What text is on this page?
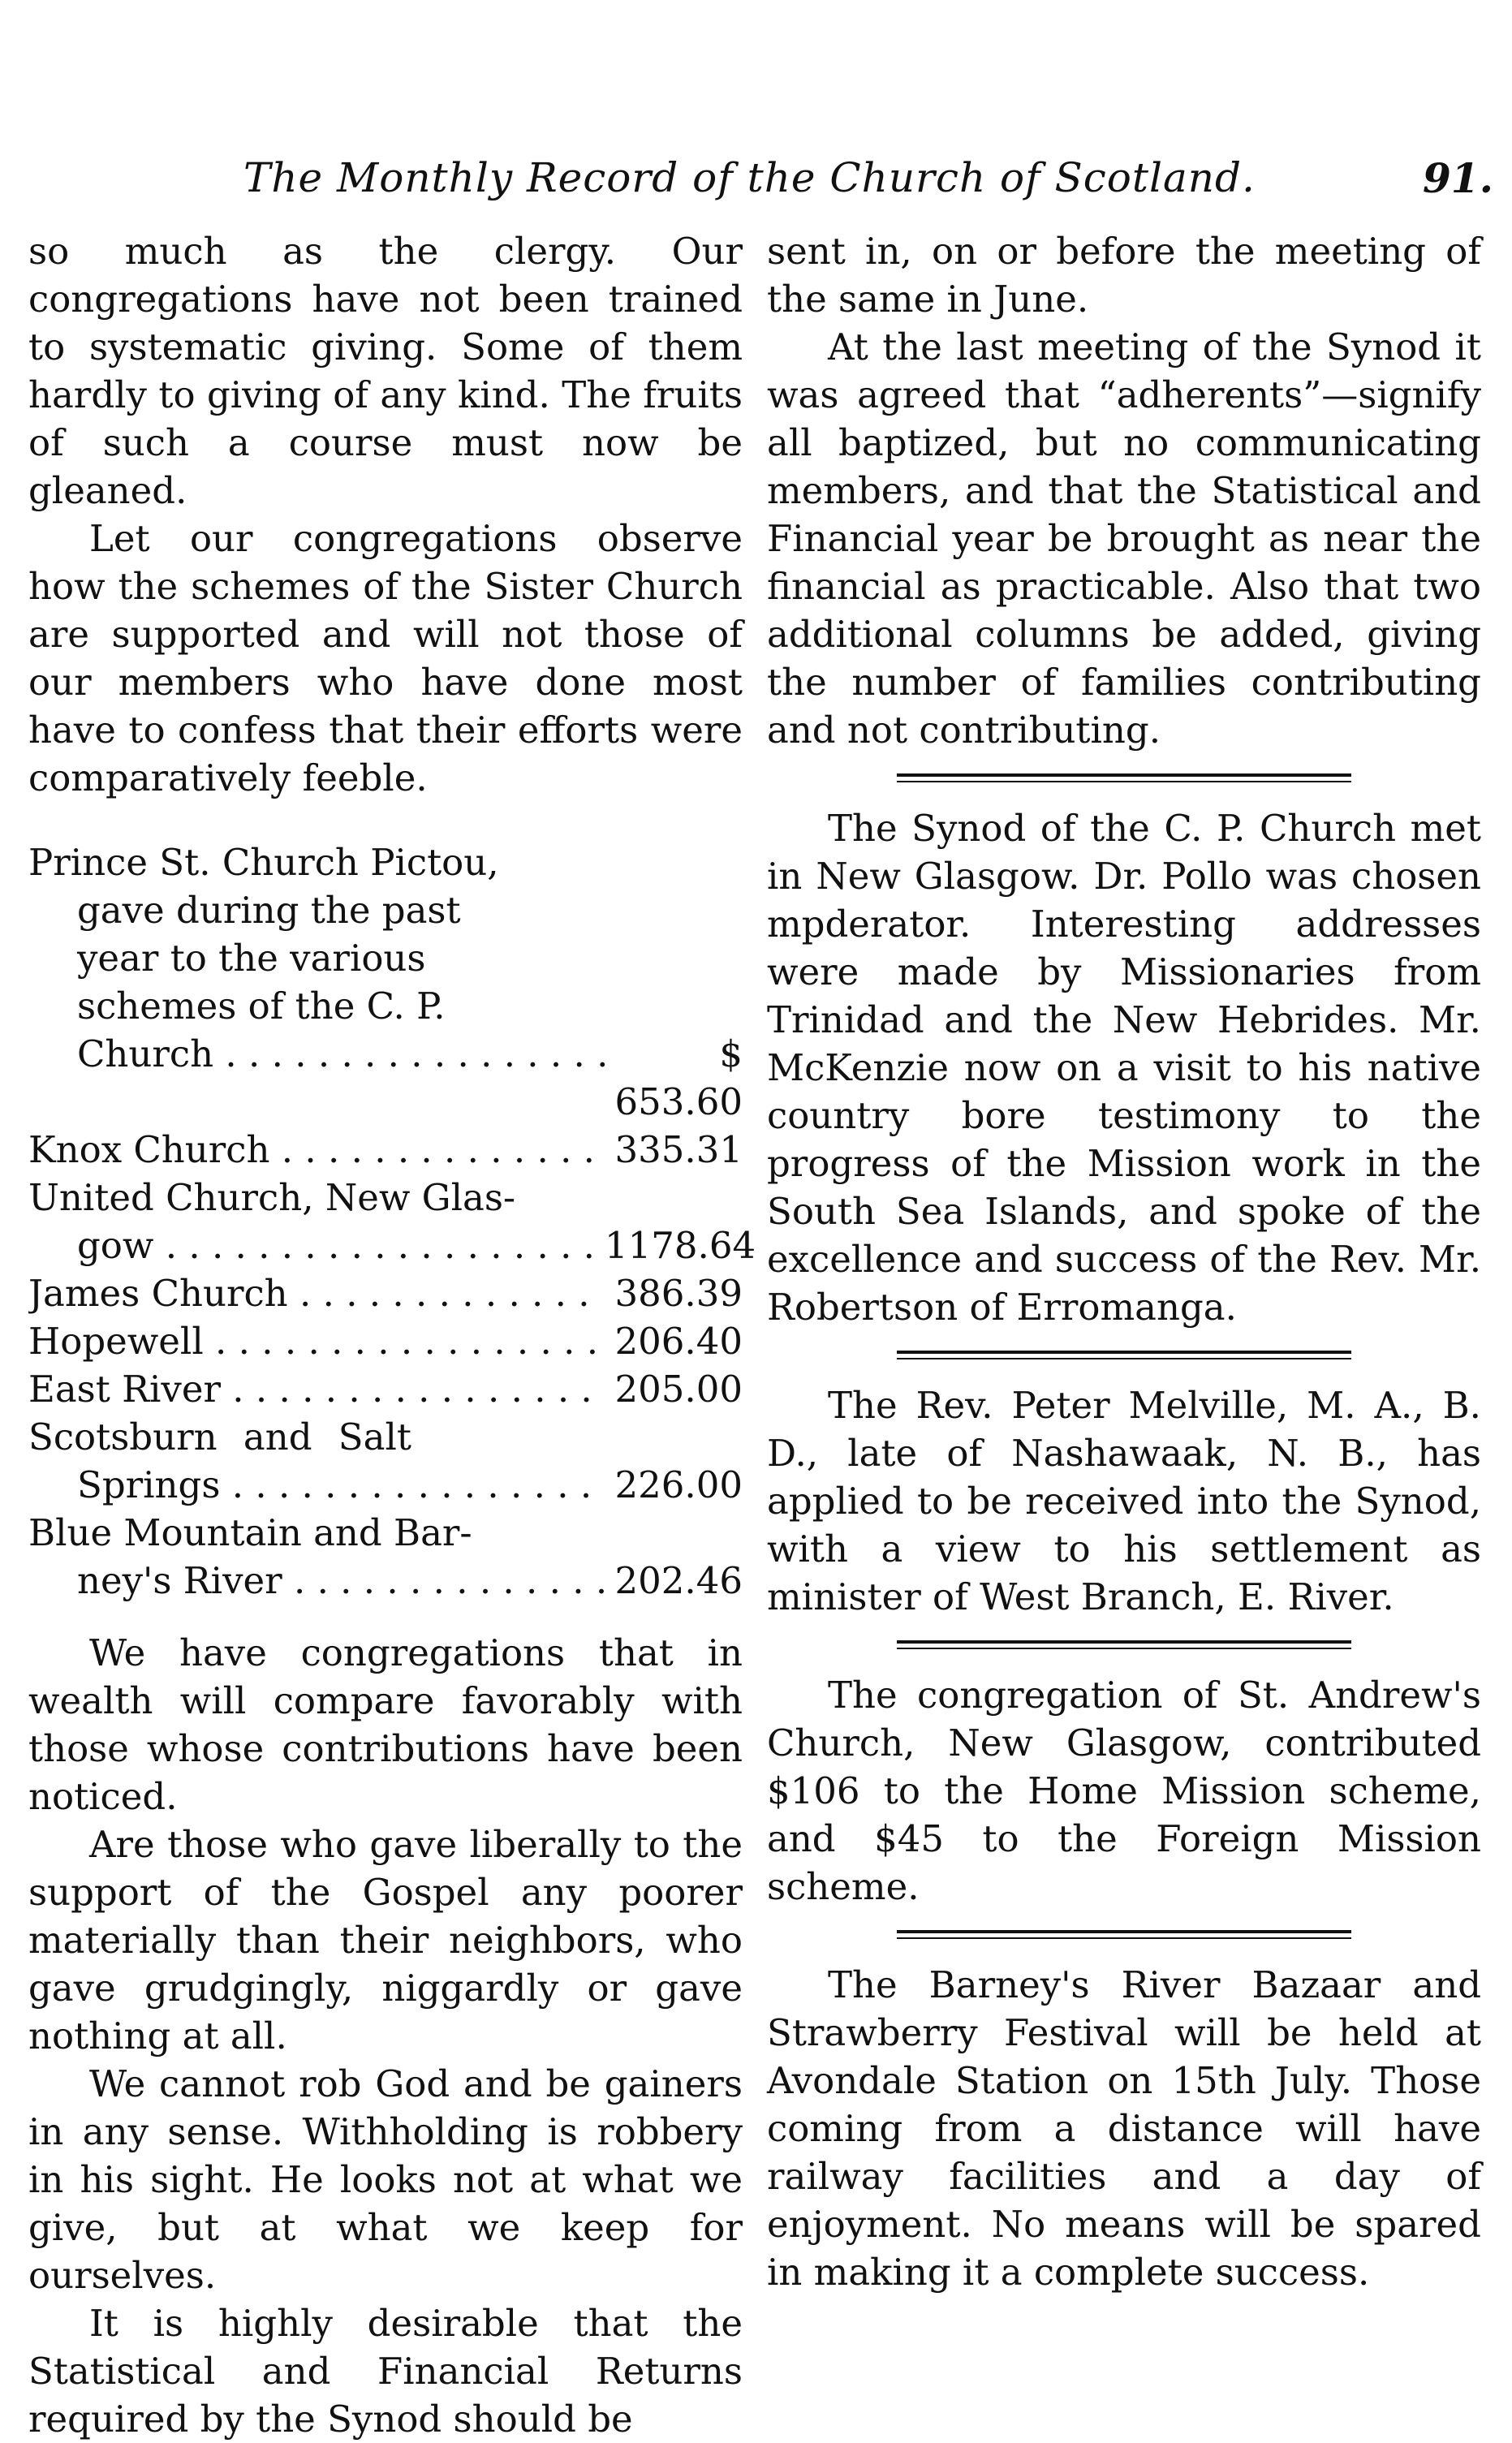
The Monthly Record of the Church of Scotland.	91.

so much as the clergy. Our congregations have not been trained to systematic giving. Some of them hardly to giving of any kind. The fruits of such a course must now be gleaned.

Let our congregations observe how the schemes of the Sister Church are supported and will not those of our members who have done most have to confess that their efforts were comparatively feeble.

Prince St. Church Pictou,
gave during the past
year to the various
schemes of the C. P.
Church . . .	$ 653.60
Knox Church . . .	335.31
United Church, New Glas-
gow . . .	1178.64
James Church . . .	386.39
Hopewell . . .	206.40
East River . . .	205.00
Scotsburn and Salt
Springs . . .	226.00
Blue Mountain and Bar-
ney's River . . .	202.46

We have congregations that in wealth will compare favorably with those whose contributions have been noticed.

Are those who gave liberally to the support of the Gospel any poorer materially than their neighbors, who gave grudgingly, niggardly or gave nothing at all.

We cannot rob God and be gainers in any sense. Withholding is robbery in his sight. He looks not at what we give, but at what we keep for ourselves.

It is highly desirable that the Statistical and Financial Returns required by the Synod should be

sent in, on or before the meeting of the same in June.

At the last meeting of the Synod it was agreed that “adherents”—signify all baptized, but no communicating members, and that the Statistical and Financial year be brought as near the financial as practicable. Also that two additional columns be added, giving the number of families contributing and not contributing.

The Synod of the C. P. Church met in New Glasgow. Dr. Pollo was chosen mpderator. Interesting addresses were made by Missionaries from Trinidad and the New Hebrides. Mr. McKenzie now on a visit to his native country bore testimony to the progress of the Mission work in the South Sea Islands, and spoke of the excellence and success of the Rev. Mr. Robertson of Erromanga.

The Rev. Peter Melville, M. A., B. D., late of Nashawaak, N. B., has applied to be received into the Synod, with a view to his settlement as minister of West Branch, E. River.

The congregation of St. Andrew's Church, New Glasgow, contributed $106 to the Home Mission scheme, and $45 to the Foreign Mission scheme.

The Barney's River Bazaar and Strawberry Festival will be held at Avondale Station on 15th July. Those coming from a distance will have railway facilities and a day of enjoyment. No means will be spared in making it a complete success.
